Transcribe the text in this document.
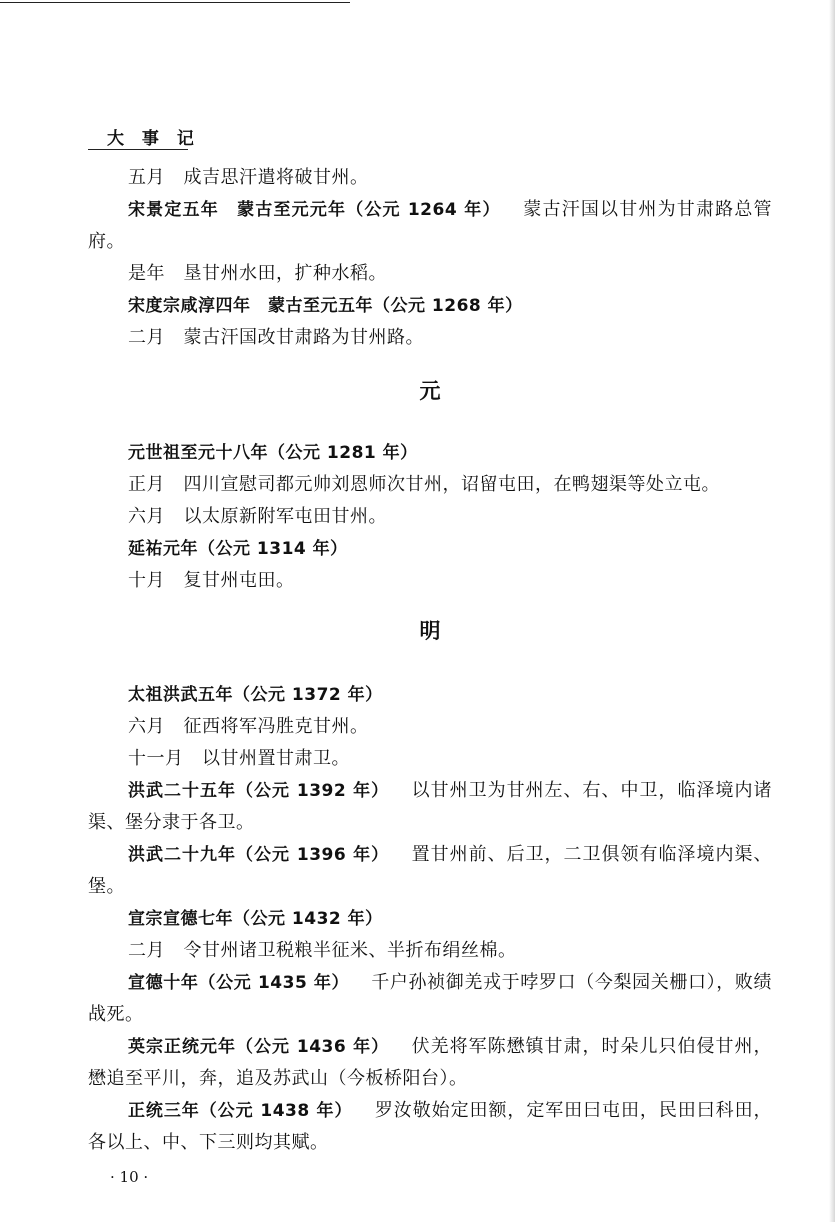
大 事 记

五月　成吉思汗遣将破甘州。

宋景定五年　蒙古至元元年（公元 1264 年） 蒙古汗国以甘州为甘肃路总管府。

是年　垦甘州水田，扩种水稻。

宋度宗咸淳四年　蒙古至元五年（公元 1268 年）

二月　蒙古汗国改甘肃路为甘州路。

元

元世祖至元十八年（公元 1281 年）

正月　四川宣慰司都元帅刘恩师次甘州，诏留屯田，在鸭翅渠等处立屯。

六月　以太原新附军屯田甘州。

延祐元年（公元 1314 年）

十月　复甘州屯田。

明

太祖洪武五年（公元 1372 年）

六月　征西将军冯胜克甘州。

十一月　以甘州置甘肃卫。

洪武二十五年（公元 1392 年） 以甘州卫为甘州左、右、中卫，临泽境内诸渠、堡分隶于各卫。

洪武二十九年（公元 1396 年） 置甘州前、后卫，二卫俱领有临泽境内渠、堡。

宣宗宣德七年（公元 1432 年）

二月　令甘州诸卫税粮半征米、半折布绢丝棉。

宣德十年（公元 1435 年） 千户孙祯御羌戎于哱罗口（今梨园关栅口），败绩战死。

英宗正统元年（公元 1436 年） 伏羌将军陈懋镇甘肃，时朵儿只伯侵甘州，懋追至平川，奔，追及苏武山（今板桥阳台）。

正统三年（公元 1438 年） 罗汝敬始定田额，定军田曰屯田，民田曰科田，各以上、中、下三则均其赋。

· 10 ·
